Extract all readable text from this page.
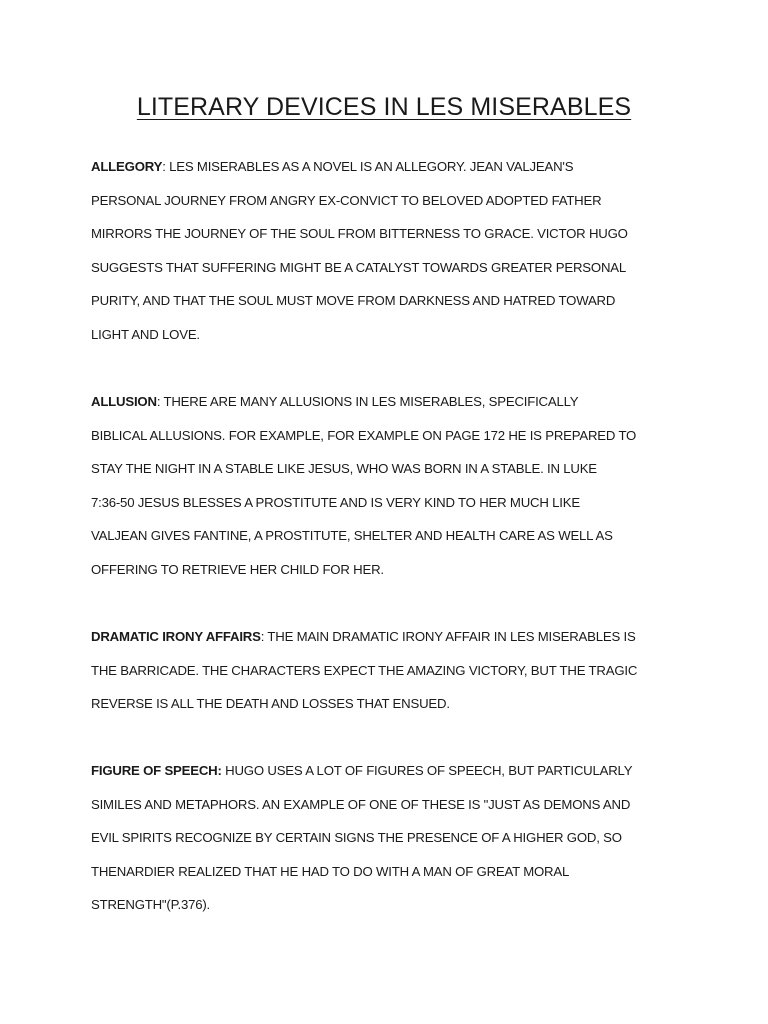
LITERARY DEVICES IN LES MISERABLES
ALLEGORY: LES MISERABLES AS A NOVEL IS AN ALLEGORY. JEAN VALJEAN'S
PERSONAL JOURNEY FROM ANGRY EX-CONVICT TO BELOVED ADOPTED FATHER
MIRRORS THE JOURNEY OF THE SOUL FROM BITTERNESS TO GRACE. VICTOR HUGO
SUGGESTS THAT SUFFERING MIGHT BE A CATALYST TOWARDS GREATER PERSONAL
PURITY, AND THAT THE SOUL MUST MOVE FROM DARKNESS AND HATRED TOWARD
LIGHT AND LOVE.
ALLUSION: THERE ARE MANY ALLUSIONS IN LES MISERABLES, SPECIFICALLY
BIBLICAL ALLUSIONS. FOR EXAMPLE, FOR EXAMPLE ON PAGE 172 HE IS PREPARED TO
STAY THE NIGHT IN A STABLE LIKE JESUS, WHO WAS BORN IN A STABLE. IN LUKE
7:36-50 JESUS BLESSES A PROSTITUTE AND IS VERY KIND TO HER MUCH LIKE
VALJEAN GIVES FANTINE, A PROSTITUTE, SHELTER AND HEALTH CARE AS WELL AS
OFFERING TO RETRIEVE HER CHILD FOR HER.
DRAMATIC IRONY AFFAIRS: THE MAIN DRAMATIC IRONY AFFAIR IN LES MISERABLES IS
THE BARRICADE. THE CHARACTERS EXPECT THE AMAZING VICTORY, BUT THE TRAGIC
REVERSE IS ALL THE DEATH AND LOSSES THAT ENSUED.
FIGURE OF SPEECH: HUGO USES A LOT OF FIGURES OF SPEECH, BUT PARTICULARLY
SIMILES AND METAPHORS. AN EXAMPLE OF ONE OF THESE IS "JUST AS DEMONS AND
EVIL SPIRITS RECOGNIZE BY CERTAIN SIGNS THE PRESENCE OF A HIGHER GOD, SO
THENARDIER REALIZED THAT HE HAD TO DO WITH A MAN OF GREAT MORAL
STRENGTH"(P.376).
